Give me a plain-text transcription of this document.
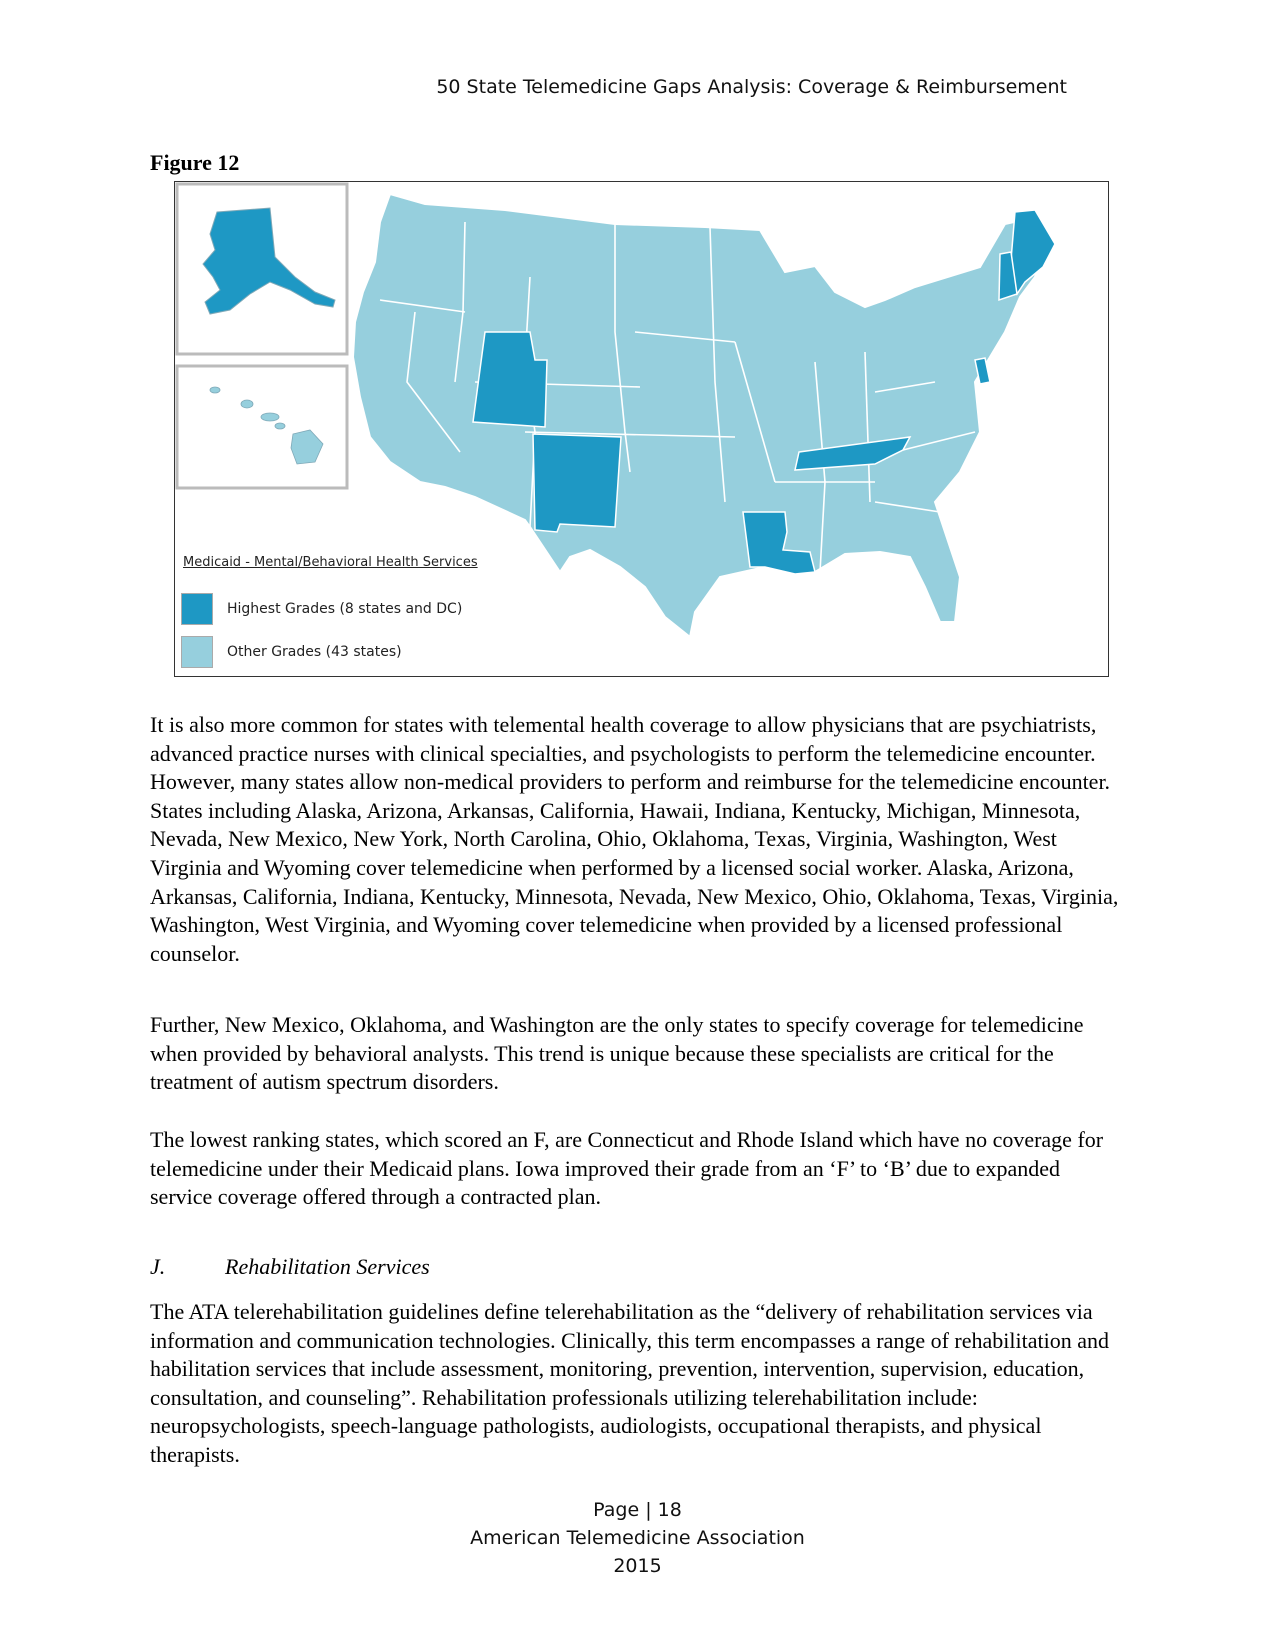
50 State Telemedicine Gaps Analysis: Coverage & Reimbursement
Figure 12
Medicaid - Mental/Behavioral Health Services
Highest Grades (8 states and DC)
Other Grades (43 states)

It is also more common for states with telemental health coverage to allow physicians that are psychiatrists, advanced practice nurses with clinical specialties, and psychologists to perform the telemedicine encounter. However, many states allow non-medical providers to perform and reimburse for the telemedicine encounter. States including Alaska, Arizona, Arkansas, California, Hawaii, Indiana, Kentucky, Michigan, Minnesota, Nevada, New Mexico, New York, North Carolina, Ohio, Oklahoma, Texas, Virginia, Washington, West Virginia and Wyoming cover telemedicine when performed by a licensed social worker. Alaska, Arizona, Arkansas, California, Indiana, Kentucky, Minnesota, Nevada, New Mexico, Ohio, Oklahoma, Texas, Virginia, Washington, West Virginia, and Wyoming cover telemedicine when provided by a licensed professional counselor.

Further, New Mexico, Oklahoma, and Washington are the only states to specify coverage for telemedicine when provided by behavioral analysts. This trend is unique because these specialists are critical for the treatment of autism spectrum disorders.

The lowest ranking states, which scored an F, are Connecticut and Rhode Island which have no coverage for telemedicine under their Medicaid plans. Iowa improved their grade from an ‘F’ to ‘B’ due to expanded service coverage offered through a contracted plan.

J.	Rehabilitation Services

The ATA telerehabilitation guidelines define telerehabilitation as the “delivery of rehabilitation services via information and communication technologies. Clinically, this term encompasses a range of rehabilitation and habilitation services that include assessment, monitoring, prevention, intervention, supervision, education, consultation, and counseling”. Rehabilitation professionals utilizing telerehabilitation include: neuropsychologists, speech-language pathologists, audiologists, occupational therapists, and physical therapists.

Page | 18
American Telemedicine Association
2015
